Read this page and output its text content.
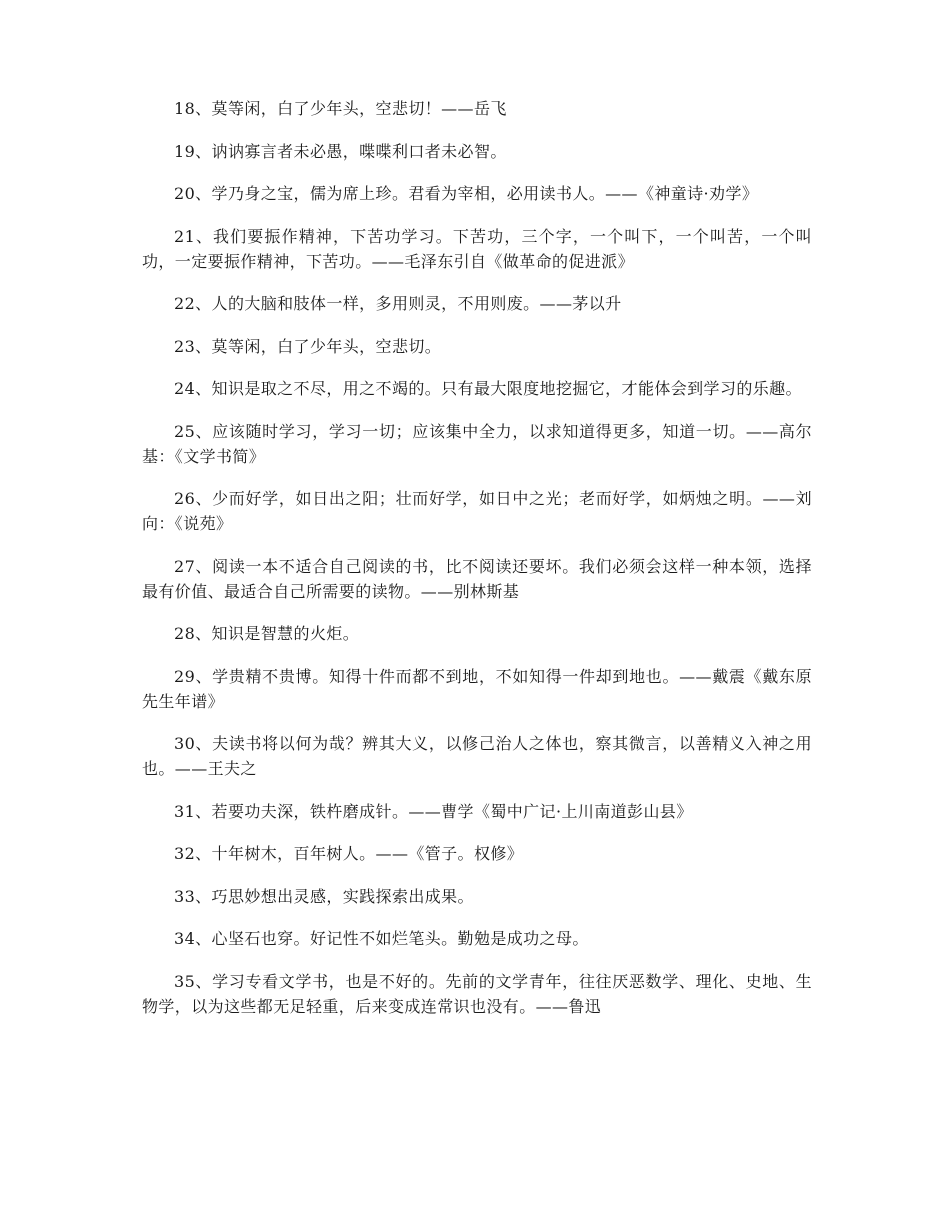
18、莫等闲，白了少年头，空悲切！——岳飞

19、讷讷寡言者未必愚，喋喋利口者未必智。

20、学乃身之宝，儒为席上珍。君看为宰相，必用读书人。——《神童诗·劝学》

21、我们要振作精神，下苦功学习。下苦功，三个字，一个叫下，一个叫苦，一个叫功，一定要振作精神，下苦功。——毛泽东引自《做革命的促进派》

22、人的大脑和肢体一样，多用则灵，不用则废。——茅以升

23、莫等闲，白了少年头，空悲切。

24、知识是取之不尽，用之不竭的。只有最大限度地挖掘它，才能体会到学习的乐趣。

25、应该随时学习，学习一切；应该集中全力，以求知道得更多，知道一切。——高尔基：《文学书简》

26、少而好学，如日出之阳；壮而好学，如日中之光；老而好学，如炳烛之明。——刘向：《说苑》

27、阅读一本不适合自己阅读的书，比不阅读还要坏。我们必须会这样一种本领，选择最有价值、最适合自己所需要的读物。——别林斯基

28、知识是智慧的火炬。

29、学贵精不贵博。知得十件而都不到地，不如知得一件却到地也。——戴震《戴东原先生年谱》

30、夫读书将以何为哉？辨其大义，以修己治人之体也，察其微言，以善精义入神之用也。——王夫之

31、若要功夫深，铁杵磨成针。——曹学《蜀中广记·上川南道彭山县》

32、十年树木，百年树人。——《管子。权修》

33、巧思妙想出灵感，实践探索出成果。

34、心坚石也穿。好记性不如烂笔头。勤勉是成功之母。

35、学习专看文学书，也是不好的。先前的文学青年，往往厌恶数学、理化、史地、生物学，以为这些都无足轻重，后来变成连常识也没有。——鲁迅
